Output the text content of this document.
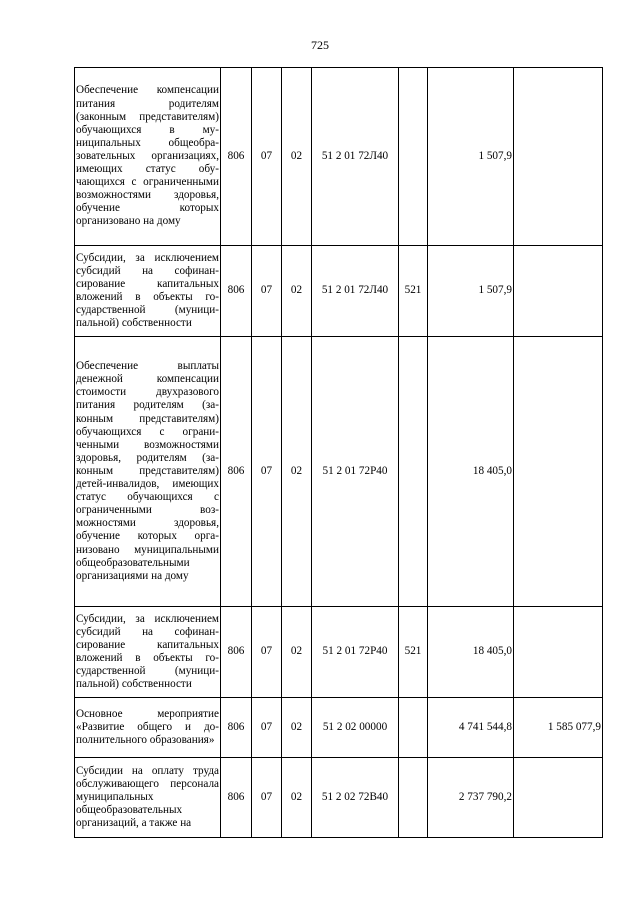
725
Обеспечение компенсации питания родителям (законным представителям) обучающихся в муниципальных общеобразовательных организациях, имеющих статус обучающихся с ограниченными возможностями здоровья, обучение которых организовано на дому	806	07	02	51 2 01 72Л40		1 507,9	
Субсидии, за исключением субсидий на софинансирование капитальных вложений в объекты государственной (муниципальной) собственности	806	07	02	51 2 01 72Л40	521	1 507,9	
Обеспечение выплаты денежной компенсации стоимости двухразового питания родителям (законным представителям) обучающихся с ограниченными возможностями здоровья, родителям (законным представителям) детей-инвалидов, имеющих статус обучающихся с ограниченными возможностями здоровья, обучение которых организовано муниципальными общеобразовательными организациями на дому	806	07	02	51 2 01 72Р40		18 405,0	
Субсидии, за исключением субсидий на софинансирование капитальных вложений в объекты государственной (муниципальной) собственности	806	07	02	51 2 01 72Р40	521	18 405,0	
Основное мероприятие «Развитие общего и дополнительного образования»	806	07	02	51 2 02 00000		4 741 544,8	1 585 077,9
Субсидии на оплату труда обслуживающего персонала муниципальных общеобразовательных организаций, а также на	806	07	02	51 2 02 72В40		2 737 790,2	
